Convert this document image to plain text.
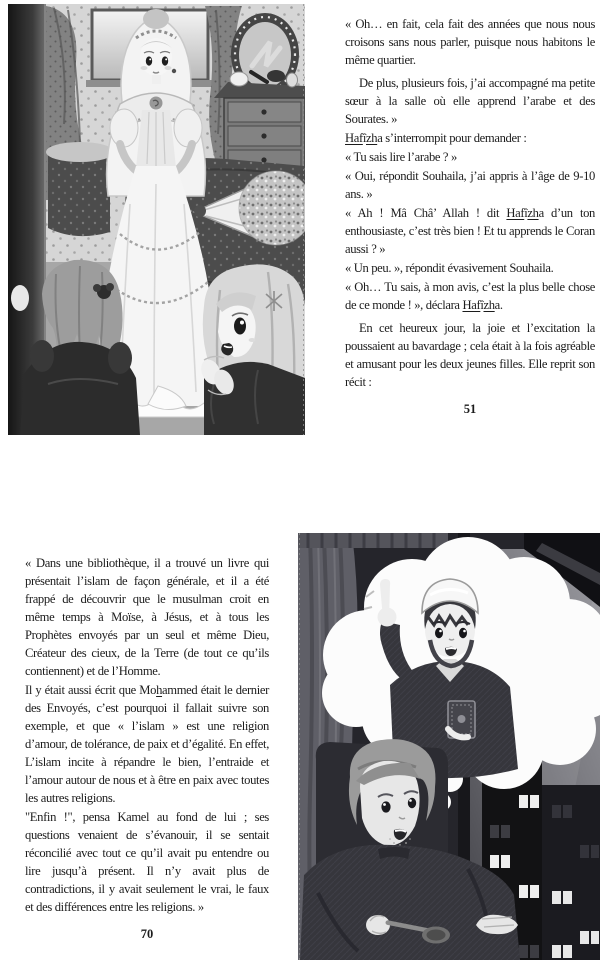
« Oh… en fait, cela fait des années que nous nous croisons sans nous parler, puisque nous habitons le même quartier.

De plus, plusieurs fois, j’ai accompagné ma petite sœur à la salle où elle apprend l’arabe et des Sourates. »

Hafîzha s’interrompit pour demander :

« Tu sais lire l’arabe ? »

« Oui, répondit Souhaila, j’ai appris à l’âge de 9-10 ans. »

« Ah ! Mâ Châ’ Allah ! dit Hafîzha d’un ton enthousiaste, c’est très bien ! Et tu apprends le Coran aussi ? »

« Un peu. », répondit évasivement Souhaila.

« Oh… Tu sais, à mon avis, c’est la plus belle chose de ce monde ! », déclara Hafîzha.

En cet heureux jour, la joie et l’excitation la poussaient au bavardage ; cela était à la fois agréable et amusant pour les deux jeunes filles. Elle reprit son récit :

51

« Dans une bibliothèque, il a trouvé un livre qui présentait l’islam de façon générale, et il a été frappé de découvrir que le musulman croit en même temps à Moïse, à Jésus, et à tous les Prophètes envoyés par un seul et même Dieu, Créateur des cieux, de la Terre (de tout ce qu’ils contiennent) et de l’Homme.

Il y était aussi écrit que Mohammed était le dernier des Envoyés, c’est pourquoi il fallait suivre son exemple, et que « l’islam » est une religion d’amour, de tolérance, de paix et d’égalité. En effet, L’islam incite à répandre le bien, l’entraide et l’amour autour de nous et à être en paix avec toutes les autres religions.

"Enfin !", pensa Kamel au fond de lui ; ses questions venaient de s’évanouir, il se sentait réconcilié avec tout ce qu’il avait pu entendre ou lire jusqu’à présent. Il n’y avait plus de contradictions, il y avait seulement le vrai, le faux et des différences entre les religions. »

70
